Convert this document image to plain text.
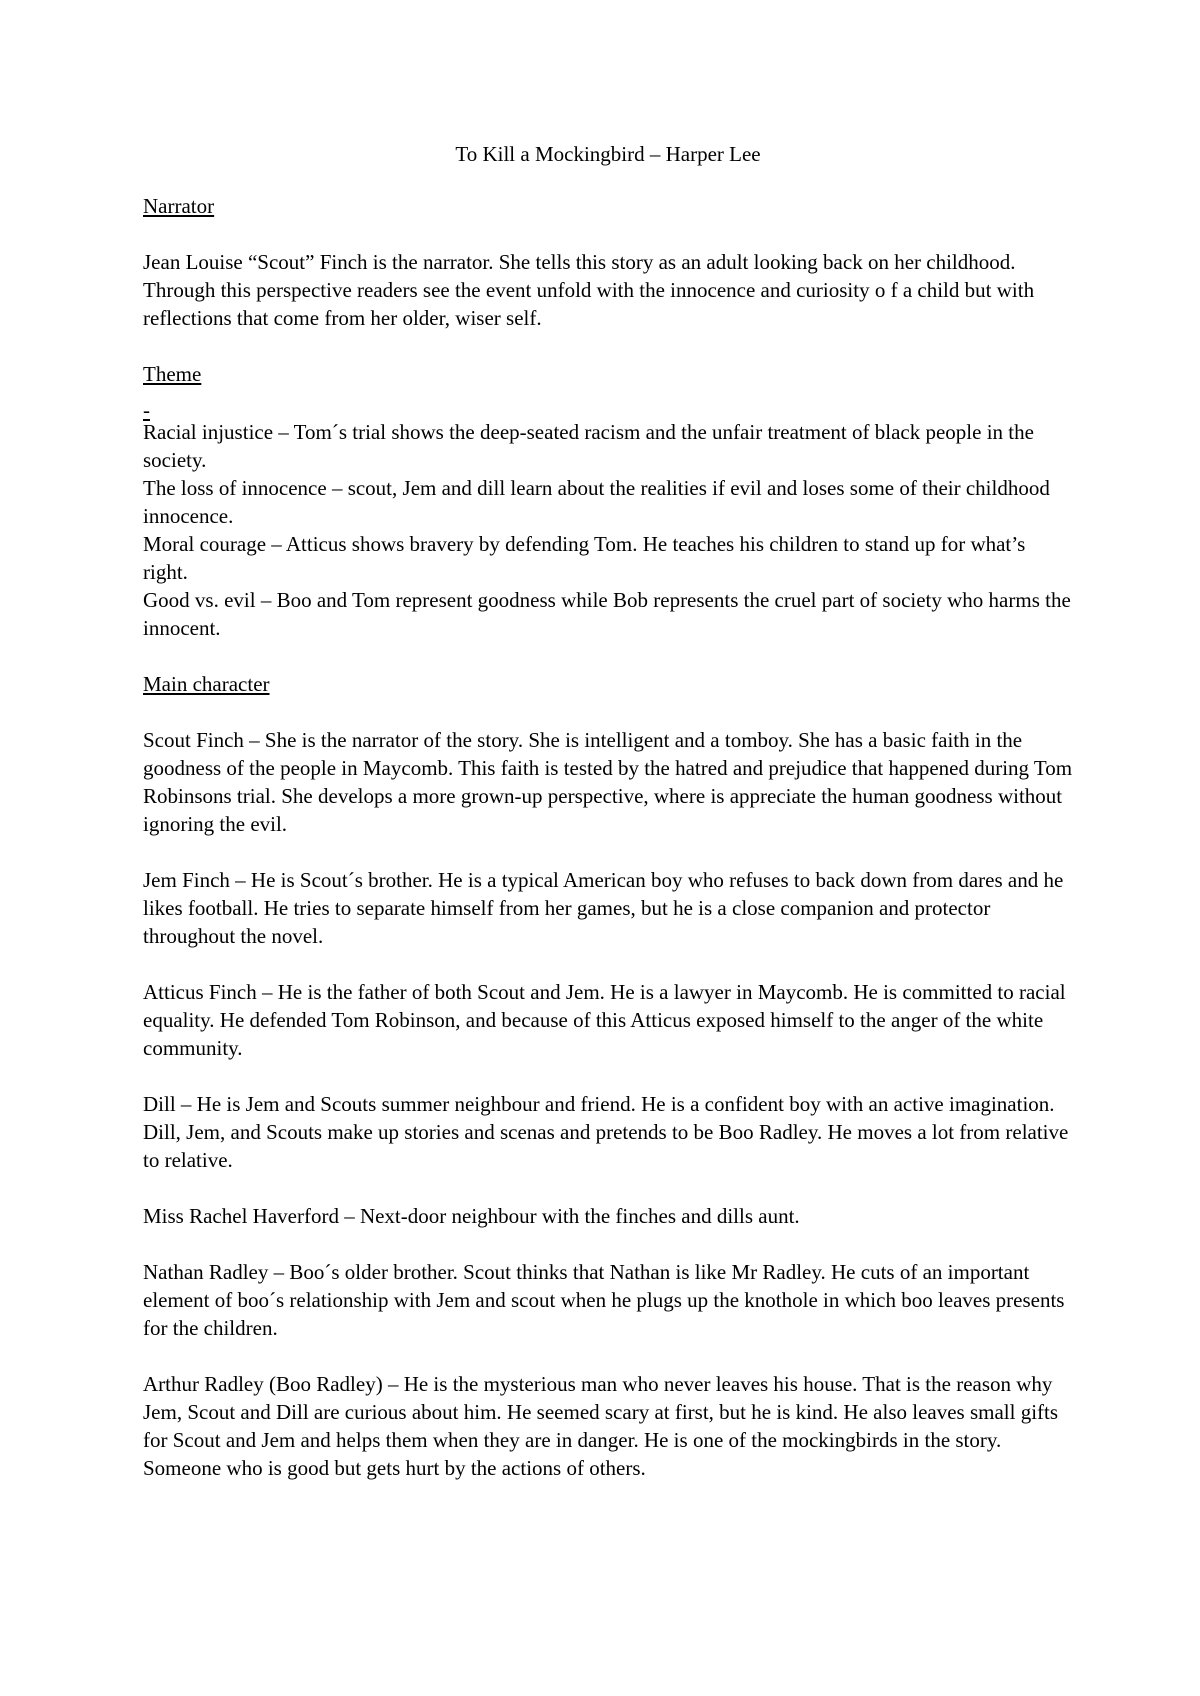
To Kill a Mockingbird – Harper Lee
Narrator
Jean Louise “Scout” Finch is the narrator. She tells this story as an adult looking back on her childhood. Through this perspective readers see the event unfold with the innocence and curiosity o f a child but with reflections that come from her older, wiser self.
Theme
-
Racial injustice – Tom´s trial shows the deep-seated racism and the unfair treatment of black people in the society.
The loss of innocence – scout, Jem and dill learn about the realities if evil and loses some of their childhood innocence.
Moral courage – Atticus shows bravery by defending Tom. He teaches his children to stand up for what’s right.
Good vs. evil – Boo and Tom represent goodness while Bob represents the cruel part of society who harms the innocent.
Main character
Scout Finch – She is the narrator of the story. She is intelligent and a tomboy. She has a basic faith in the goodness of the people in Maycomb. This faith is tested by the hatred and prejudice that happened during Tom Robinsons trial. She develops a more grown-up perspective, where is appreciate the human goodness without ignoring the evil.
Jem Finch – He is Scout´s brother. He is a typical American boy who refuses to back down from dares and he likes football. He tries to separate himself from her games, but he is a close companion and protector throughout the novel.
Atticus Finch – He is the father of both Scout and Jem. He is a lawyer in Maycomb. He is committed to racial equality. He defended Tom Robinson, and because of this Atticus exposed himself to the anger of the white community.
Dill – He is Jem and Scouts summer neighbour and friend. He is a confident boy with an active imagination. Dill, Jem, and Scouts make up stories and scenas and pretends to be Boo Radley. He moves a lot from relative to relative.
Miss Rachel Haverford – Next-door neighbour with the finches and dills aunt.
Nathan Radley – Boo´s older brother. Scout thinks that Nathan is like Mr Radley. He cuts of an important element of boo´s relationship with Jem and scout when he plugs up the knothole in which boo leaves presents for the children.
Arthur Radley (Boo Radley) – He is the mysterious man who never leaves his house. That is the reason why Jem, Scout and Dill are curious about him. He seemed scary at first, but he is kind. He also leaves small gifts for Scout and Jem and helps them when they are in danger. He is one of the mockingbirds in the story. Someone who is good but gets hurt by the actions of others.
